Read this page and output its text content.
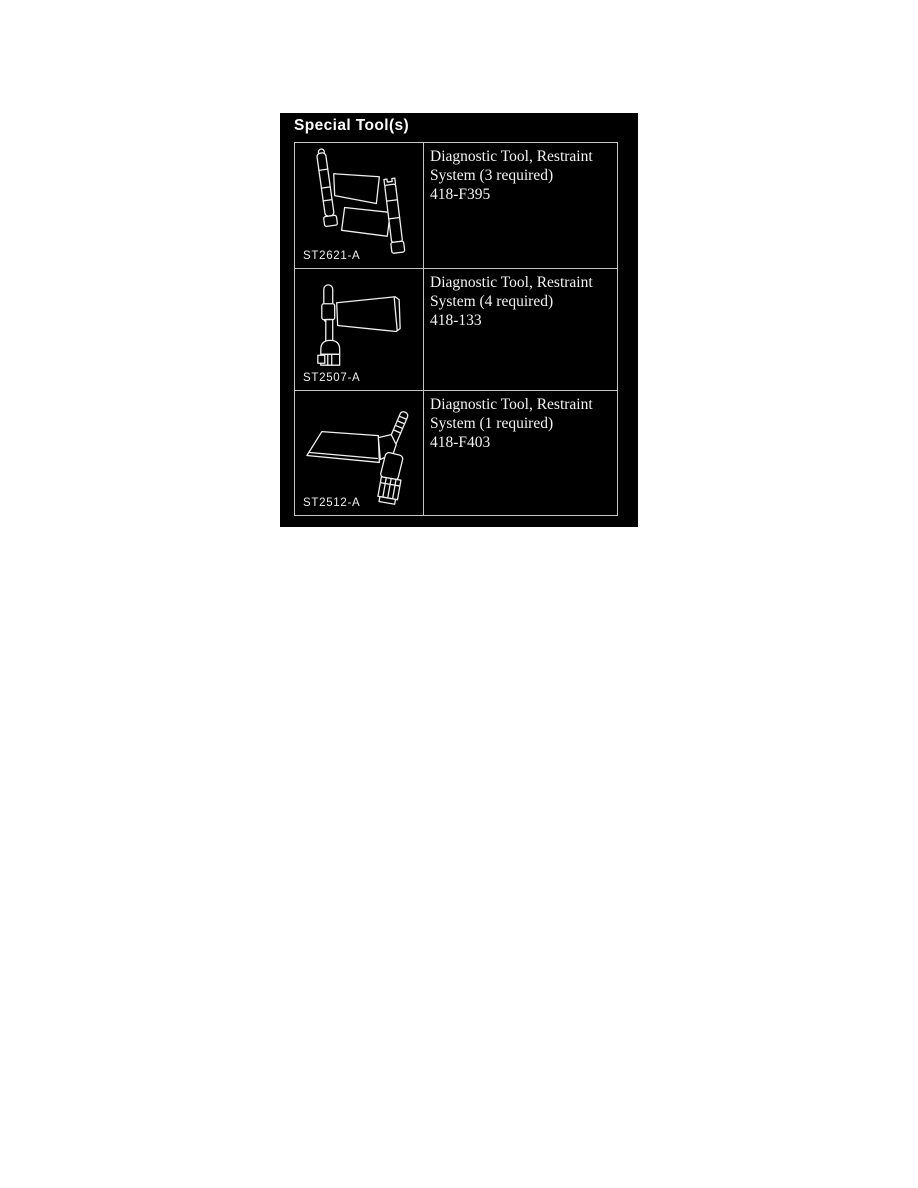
Special Tool(s)
ST2621-A
Diagnostic Tool, Restraint
System (3 required)
418-F395
ST2507-A
Diagnostic Tool, Restraint
System (4 required)
418-133
ST2512-A
Diagnostic Tool, Restraint
System (1 required)
418-F403
